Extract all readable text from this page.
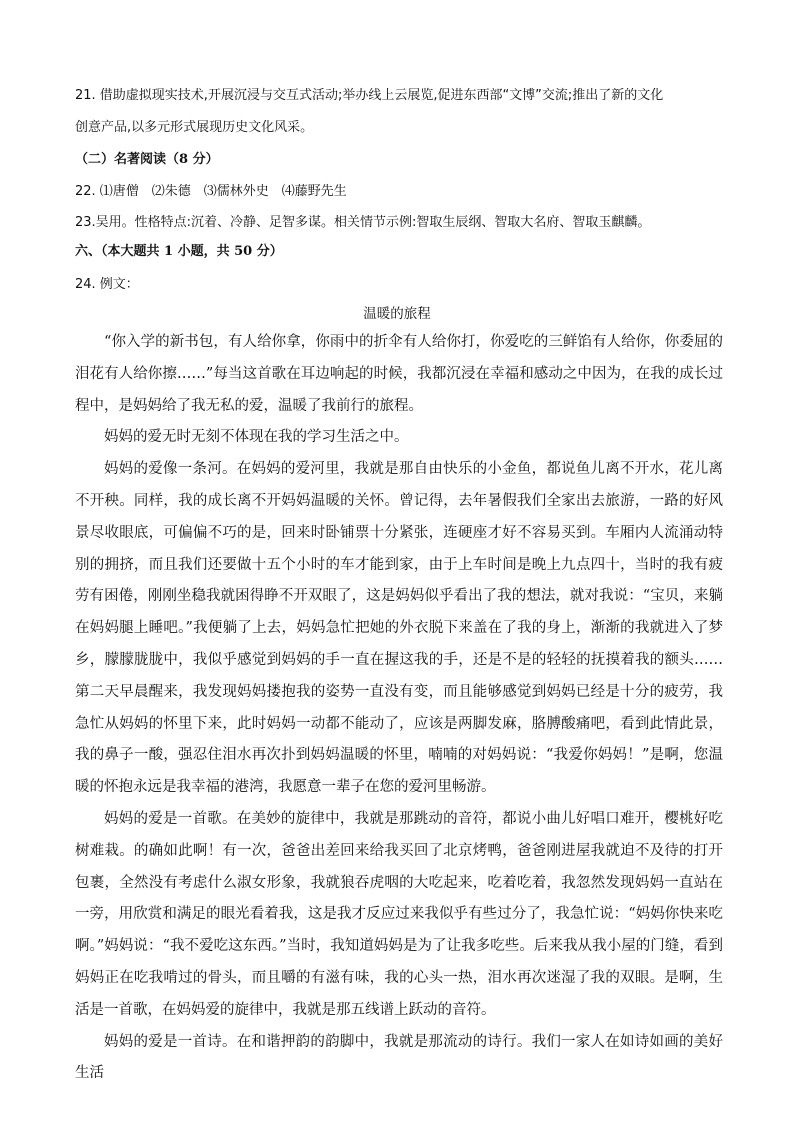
21. 借助虚拟现实技术,开展沉浸与交互式活动;举办线上云展览,促进东西部“文博”交流;推出了新的文化
创意产品,以多元形式展现历史文化风采。
（二）名著阅读（8 分）
22. ⑴唐僧　⑵朱德　⑶儒林外史　⑷藤野先生
23.吴用。性格特点:沉着、冷静、足智多谋。相关情节示例:智取生辰纲、智取大名府、智取玉麒麟。
六、（本大题共 1 小题，共 50 分）
24. 例文：
温暖的旅程

“你入学的新书包，有人给你拿，你雨中的折伞有人给你打，你爱吃的三鲜馅有人给你，你委屈的泪花有人给你擦……”每当这首歌在耳边响起的时候，我都沉浸在幸福和感动之中因为，在我的成长过程中，是妈妈给了我无私的爱，温暖了我前行的旅程。

妈妈的爱无时无刻不体现在我的学习生活之中。

妈妈的爱像一条河。在妈妈的爱河里，我就是那自由快乐的小金鱼，都说鱼儿离不开水，花儿离不开秧。同样，我的成长离不开妈妈温暖的关怀。曾记得，去年暑假我们全家出去旅游，一路的好风景尽收眼底，可偏偏不巧的是，回来时卧铺票十分紧张，连硬座才好不容易买到。车厢内人流涌动特别的拥挤，而且我们还要做十五个小时的车才能到家，由于上车时间是晚上九点四十，当时的我有疲劳有困倦，刚刚坐稳我就困得睁不开双眼了，这是妈妈似乎看出了我的想法，就对我说：“宝贝，来躺在妈妈腿上睡吧。”我便躺了上去，妈妈急忙把她的外衣脱下来盖在了我的身上，渐渐的我就进入了梦乡，朦朦胧胧中，我似乎感觉到妈妈的手一直在握这我的手，还是不是的轻轻的抚摸着我的额头……第二天早晨醒来，我发现妈妈搂抱我的姿势一直没有变，而且能够感觉到妈妈已经是十分的疲劳，我急忙从妈妈的怀里下来，此时妈妈一动都不能动了，应该是两脚发麻，胳膊酸痛吧，看到此情此景，我的鼻子一酸，强忍住泪水再次扑到妈妈温暖的怀里，喃喃的对妈妈说：“我爱你妈妈！”是啊，您温暖的怀抱永远是我幸福的港湾，我愿意一辈子在您的爱河里畅游。

妈妈的爱是一首歌。在美妙的旋律中，我就是那跳动的音符，都说小曲儿好唱口难开，樱桃好吃树难栽。的确如此啊！有一次，爸爸出差回来给我买回了北京烤鸭，爸爸刚进屋我就迫不及待的打开包裹，全然没有考虑什么淑女形象，我就狼吞虎咽的大吃起来，吃着吃着，我忽然发现妈妈一直站在一旁，用欣赏和满足的眼光看着我，这是我才反应过来我似乎有些过分了，我急忙说：“妈妈你快来吃啊。”妈妈说：“我不爱吃这东西。”当时，我知道妈妈是为了让我多吃些。后来我从我小屋的门缝，看到妈妈正在吃我啃过的骨头，而且嚼的有滋有味，我的心头一热，泪水再次迷湿了我的双眼。是啊，生活是一首歌，在妈妈爱的旋律中，我就是那五线谱上跃动的音符。

妈妈的爱是一首诗。在和谐押韵的韵脚中，我就是那流动的诗行。我们一家人在如诗如画的美好生活
